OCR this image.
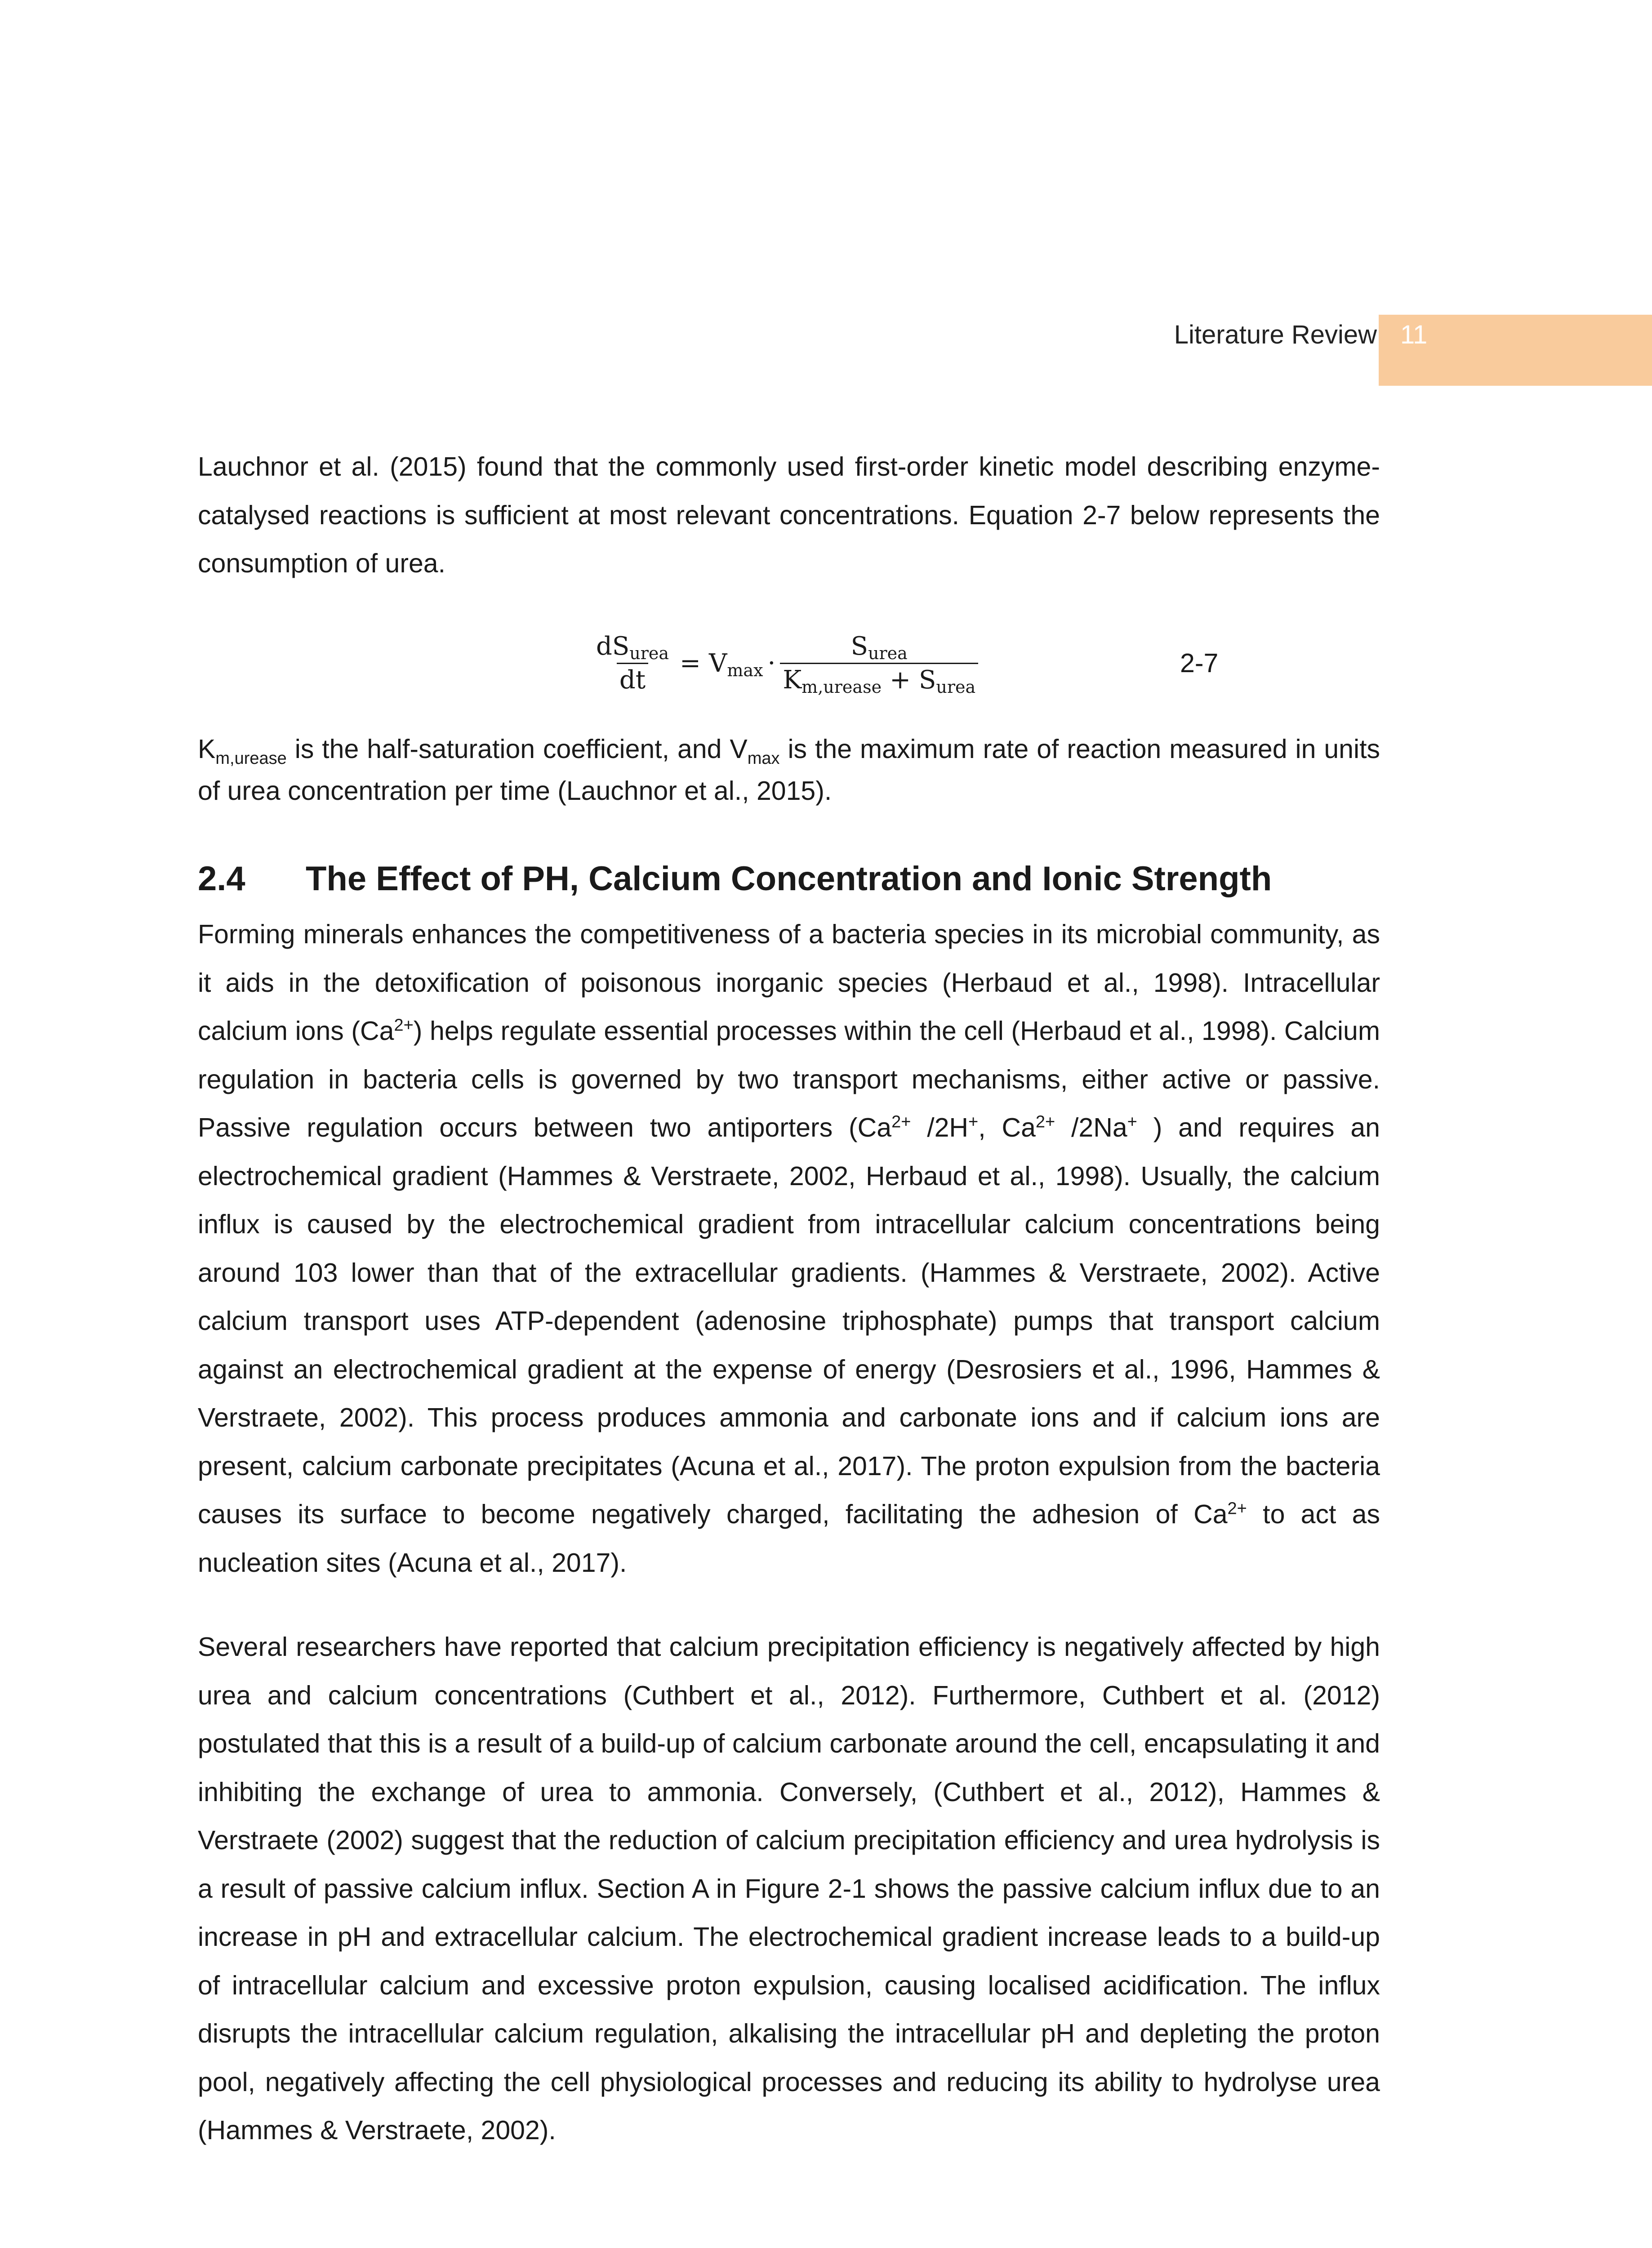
Literature Review 11

Lauchnor et al. (2015) found that the commonly used first-order kinetic model describing enzyme-catalysed reactions is sufficient at most relevant concentrations. Equation 2-7 below represents the consumption of urea.

$\frac{dS_{urea}}{dt} = V_{max} \cdot \frac{S_{urea}}{K_{m,urease} + S_{urea}}$	2-7

$K_{m,urease}$ is the half-saturation coefficient, and $V_{max}$ is the maximum rate of reaction measured in units of urea concentration per time (Lauchnor et al., 2015).

2.4 The Effect of PH, Calcium Concentration and Ionic Strength

Forming minerals enhances the competitiveness of a bacteria species in its microbial community, as it aids in the detoxification of poisonous inorganic species (Herbaud et al., 1998). Intracellular calcium ions $(Ca^{2+})$ helps regulate essential processes within the cell (Herbaud et al., 1998). Calcium regulation in bacteria cells is governed by two transport mechanisms, either active or passive. Passive regulation occurs between two antiporters ($Ca^{2+}$ /2H+, $Ca^{2+}$ /2Na+ ) and requires an electrochemical gradient (Hammes & Verstraete, 2002, Herbaud et al., 1998). Usually, the calcium influx is caused by the electrochemical gradient from intracellular calcium concentrations being around 103 lower than that of the extracellular gradients. (Hammes & Verstraete, 2002). Active calcium transport uses ATP-dependent (adenosine triphosphate) pumps that transport calcium against an electrochemical gradient at the expense of energy (Desrosiers et al., 1996, Hammes & Verstraete, 2002). This process produces ammonia and carbonate ions and if calcium ions are present, calcium carbonate precipitates (Acuna et al., 2017). The proton expulsion from the bacteria causes its surface to become negatively charged, facilitating the adhesion of $Ca^{2+}$ to act as nucleation sites (Acuna et al., 2017).

Several researchers have reported that calcium precipitation efficiency is negatively affected by high urea and calcium concentrations (Cuthbert et al., 2012). Furthermore, Cuthbert et al. (2012) postulated that this is a result of a build-up of calcium carbonate around the cell, encapsulating it and inhibiting the exchange of urea to ammonia. Conversely, (Cuthbert et al., 2012), Hammes & Verstraete (2002) suggest that the reduction of calcium precipitation efficiency and urea hydrolysis is a result of passive calcium influx. Section A in Figure 2-1 shows the passive calcium influx due to an increase in pH and extracellular calcium. The electrochemical gradient increase leads to a build-up of intracellular calcium and excessive proton expulsion, causing localised acidification. The influx disrupts the intracellular calcium regulation, alkalising the intracellular pH and depleting the proton pool, negatively affecting the cell physiological processes and reducing its ability to hydrolyse urea (Hammes & Verstraete, 2002).
